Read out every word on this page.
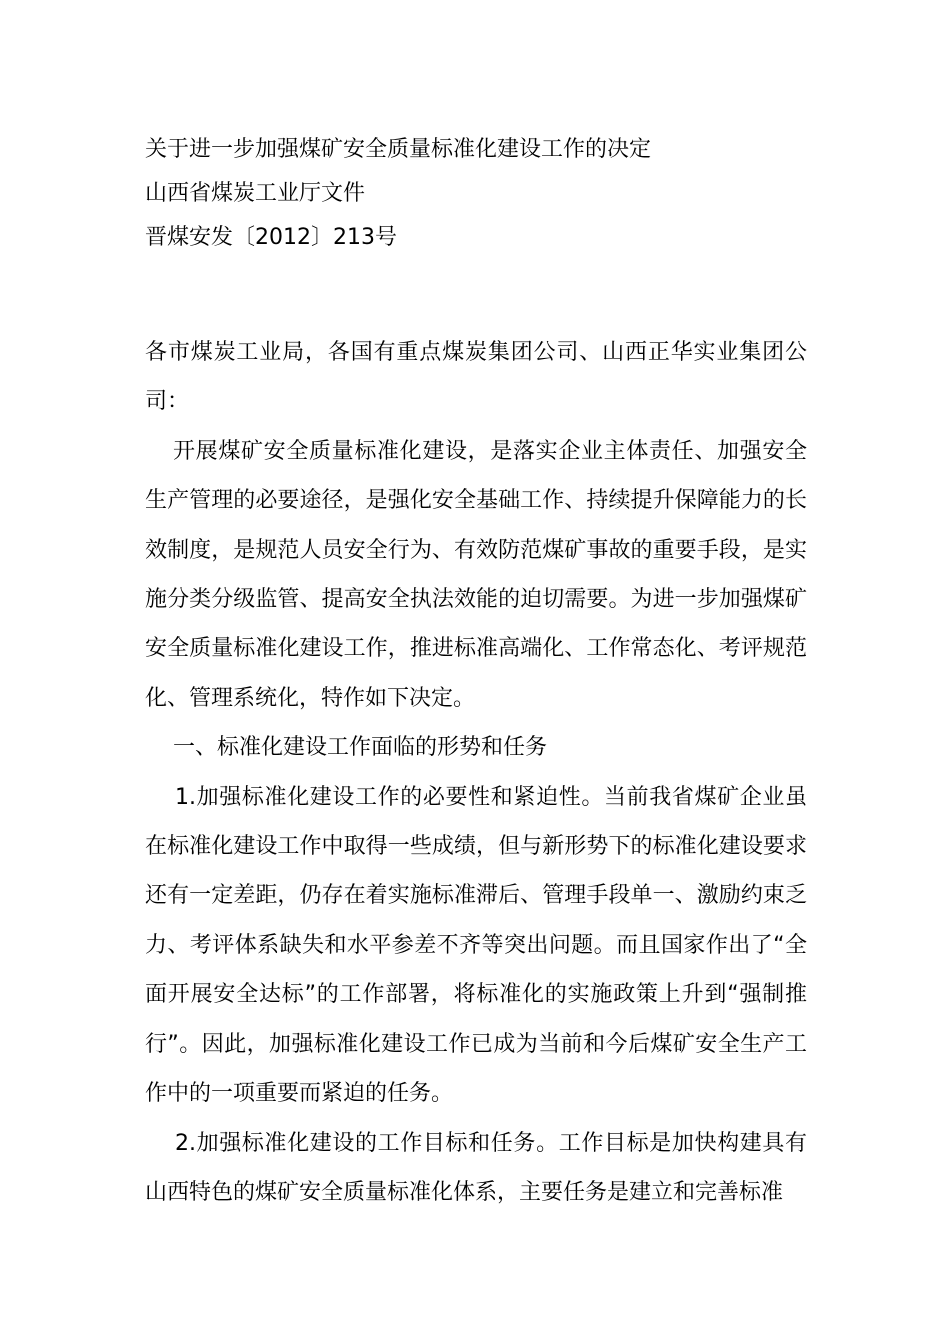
关于进一步加强煤矿安全质量标准化建设工作的决定
山西省煤炭工业厅文件
晋煤安发〔2012〕213号

各市煤炭工业局，各国有重点煤炭集团公司、山西正华实业集团公司：

开展煤矿安全质量标准化建设，是落实企业主体责任、加强安全生产管理的必要途径，是强化安全基础工作、持续提升保障能力的长效制度，是规范人员安全行为、有效防范煤矿事故的重要手段，是实施分类分级监管、提高安全执法效能的迫切需要。为进一步加强煤矿安全质量标准化建设工作，推进标准高端化、工作常态化、考评规范化、管理系统化，特作如下决定。

一、标准化建设工作面临的形势和任务

1.加强标准化建设工作的必要性和紧迫性。当前我省煤矿企业虽在标准化建设工作中取得一些成绩，但与新形势下的标准化建设要求还有一定差距，仍存在着实施标准滞后、管理手段单一、激励约束乏力、考评体系缺失和水平参差不齐等突出问题。而且国家作出了“全面开展安全达标”的工作部署，将标准化的实施政策上升到“强制推行”。因此，加强标准化建设工作已成为当前和今后煤矿安全生产工作中的一项重要而紧迫的任务。

2.加强标准化建设的工作目标和任务。工作目标是加快构建具有山西特色的煤矿安全质量标准化体系，主要任务是建立和完善标准
